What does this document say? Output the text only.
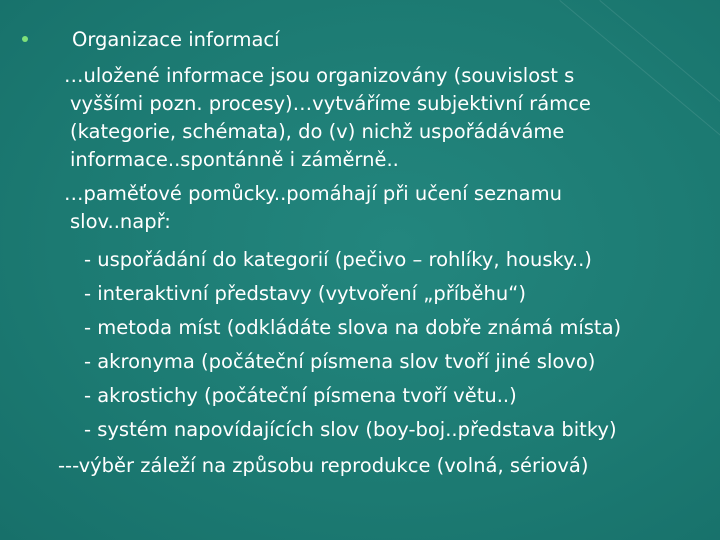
Organizace informací
…uložené informace jsou organizovány (souvislost s
vyššími pozn. procesy)…vytváříme subjektivní rámce
(kategorie, schémata), do (v) nichž uspořádáváme
informace..spontánně i záměrně..
…paměťové pomůcky..pomáhají při učení seznamu
slov..např:
- uspořádání do kategorií (pečivo – rohlíky, housky..)
- interaktivní představy (vytvoření „příběhu“)
- metoda míst (odkládáte slova na dobře známá místa)
- akronyma (počáteční písmena slov tvoří jiné slovo)
- akrostichy (počáteční písmena tvoří větu..)
- systém napovídajících slov (boy-boj..představa bitky)
---výběr záleží na způsobu reprodukce (volná, sériová)
